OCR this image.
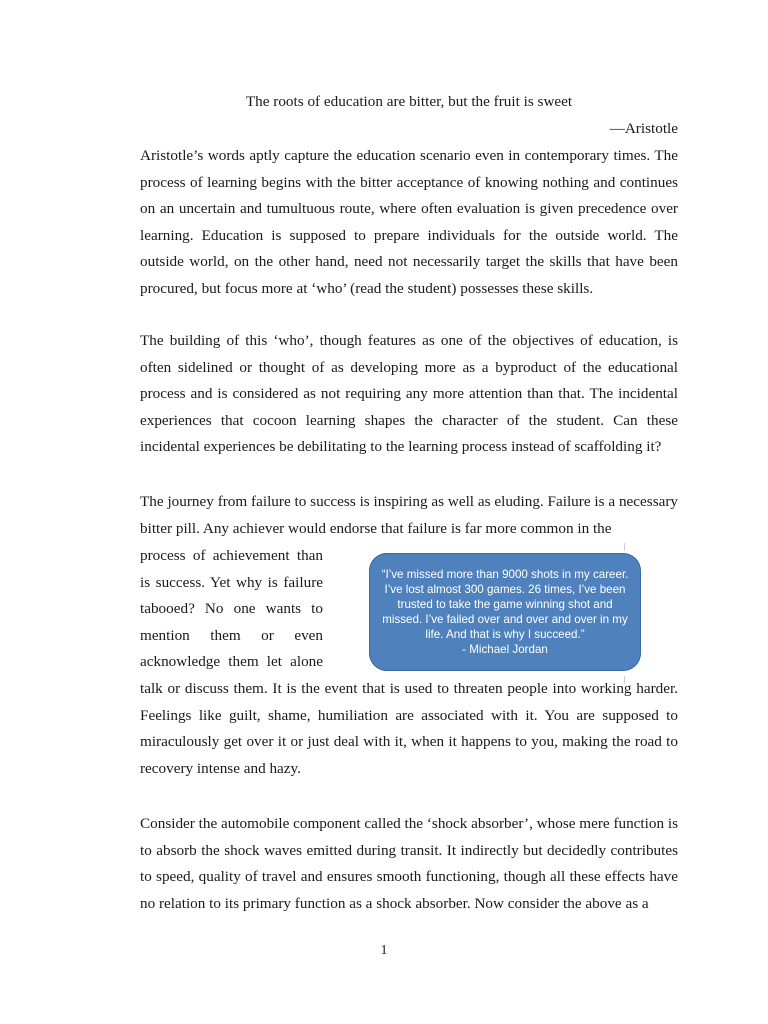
The roots of education are bitter, but the fruit is sweet

—Aristotle

Aristotle’s words aptly capture the education scenario even in contemporary times. The process of learning begins with the bitter acceptance of knowing nothing and continues on an uncertain and tumultuous route, where often evaluation is given precedence over learning. Education is supposed to prepare individuals for the outside world. The outside world, on the other hand, need not necessarily target the skills that have been procured, but focus more at ‘who’ (read the student) possesses these skills.

The building of this ‘who’, though features as one of the objectives of education, is often sidelined or thought of as developing more as a byproduct of the educational process and is considered as not requiring any more attention than that. The incidental experiences that cocoon learning shapes the character of the student. Can these incidental experiences be debilitating to the learning process instead of scaffolding it?

The journey from failure to success is inspiring as well as eluding. Failure is a necessary bitter pill. Any achiever would endorse that failure is far more common in the

process of achievement than
is success. Yet why is failure
tabooed? No one wants to
mention them or even
acknowledge them let alone

“I’ve missed more than 9000 shots in my career. I’ve lost almost 300 games. 26 times, I’ve been trusted to take the game winning shot and missed. I’ve failed over and over and over in my life. And that is why I succeed.”

- Michael Jordan

talk or discuss them. It is the event that is used to threaten people into working harder. Feelings like guilt, shame, humiliation are associated with it. You are supposed to miraculously get over it or just deal with it, when it happens to you, making the road to recovery intense and hazy.

Consider the automobile component called the ‘shock absorber’, whose mere function is to absorb the shock waves emitted during transit. It indirectly but decidedly contributes to speed, quality of travel and ensures smooth functioning, though all these effects have no relation to its primary function as a shock absorber. Now consider the above as a

1
